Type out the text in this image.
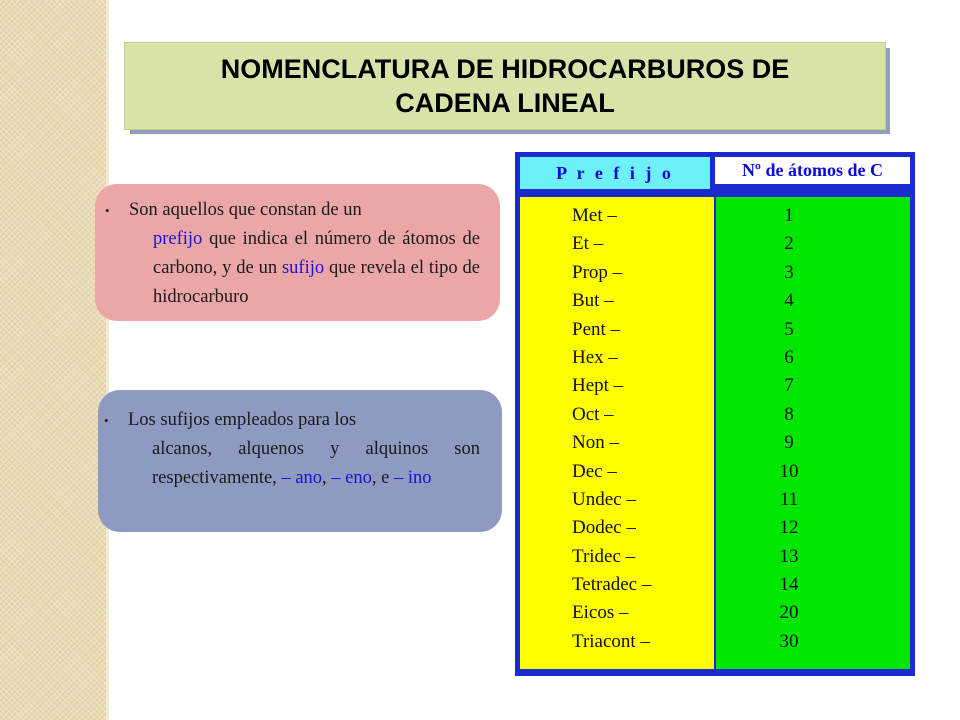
NOMENCLATURA DE HIDROCARBUROS DE
CADENA LINEAL
• Son aquellos que constan de un
prefijo que indica el número de átomos de carbono, y de un sufijo que revela el tipo de hidrocarburo
• Los sufijos empleados para los
alcanos, alquenos y alquinos son respectivamente, – ano, – eno, e – ino
P r e f i j o	Nº de átomos de C
Met –	1
Et –	2
Prop –	3
But –	4
Pent –	5
Hex –	6
Hept –	7
Oct –	8
Non –	9
Dec –	10
Undec –	11
Dodec –	12
Tridec –	13
Tetradec –	14
Eicos –	20
Triacont –	30
